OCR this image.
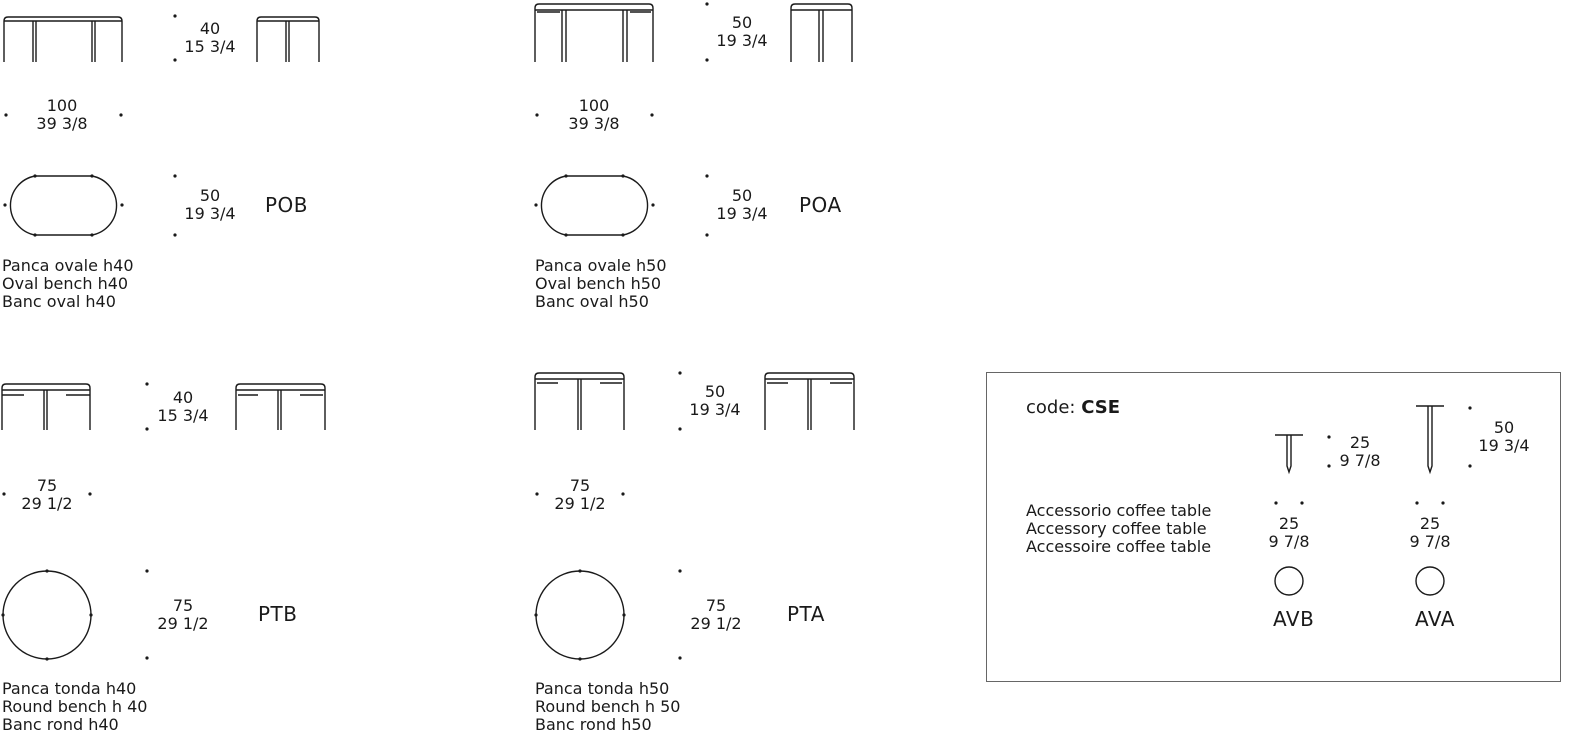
40
15 3/4
100
39 3/8
50
19 3/4 POB
Panca ovale h40
Oval bench h40
Banc oval h40
50
19 3/4
100
39 3/8
50
19 3/4 POA
Panca ovale h50
Oval bench h50
Banc oval h50
40
15 3/4
75
29 1/2
75
29 1/2 PTB
Panca tonda h40
Round bench h 40
Banc rond h40
50
19 3/4
75
29 1/2
75
29 1/2 PTA
Panca tonda h50
Round bench h 50
Banc rond h50
code: CSE
Accessorio coffee table
Accessory coffee table
Accessoire coffee table
25
9 7/8
50
19 3/4
25
9 7/8
25
9 7/8
AVB	AVA
